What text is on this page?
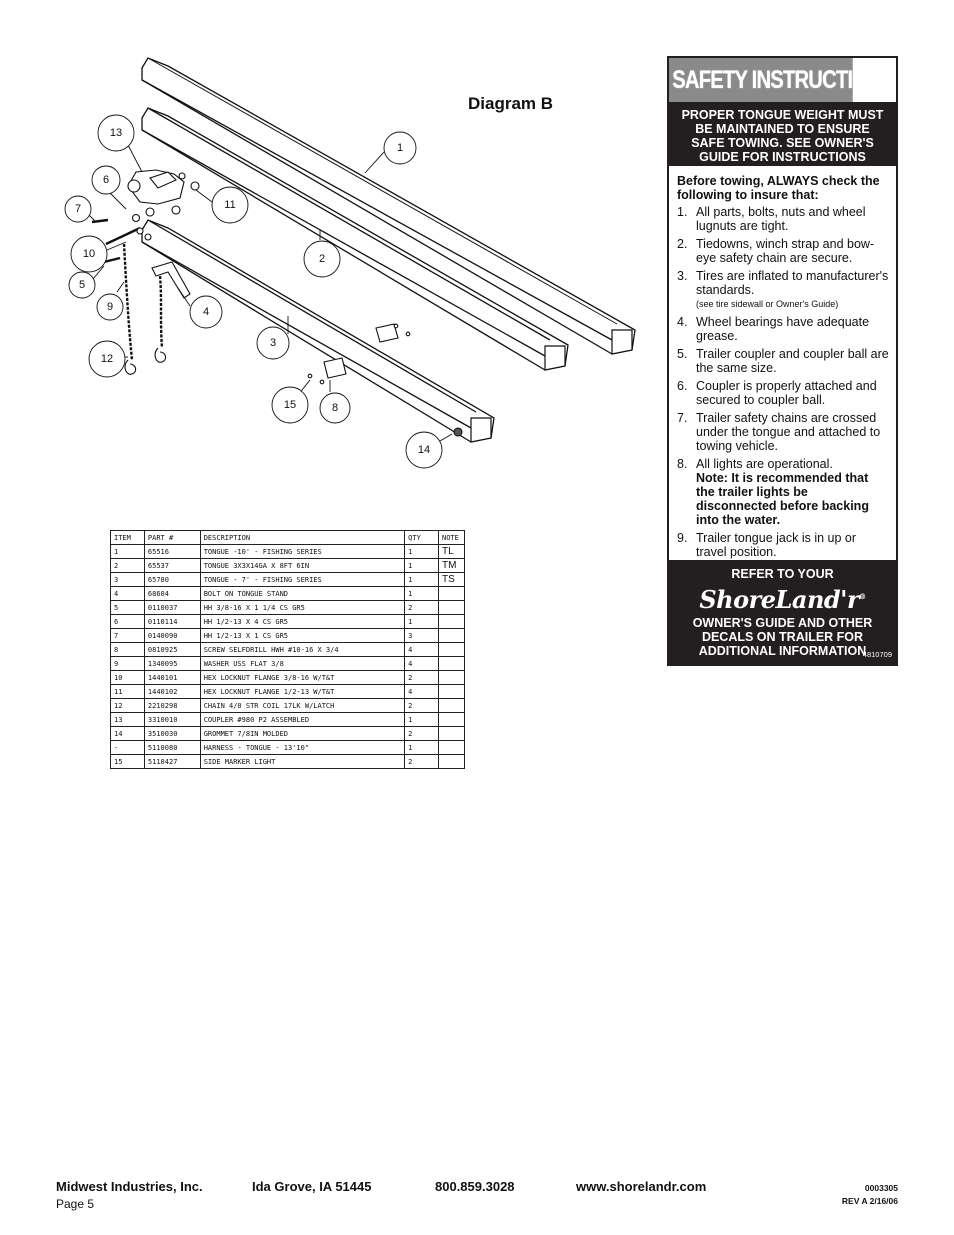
13
1
6
11
7
2
10
5
4
9
3
12
15	8
14
Diagram B
ITEM	PART #	DESCRIPTION	QTY	NOTE
1	65516	TONGUE -10' - FISHING SERIES	1	TL
2	65537	TONGUE 3X3X14GA X 8FT 6IN	1	TM
3	65780	TONGUE - 7' - FISHING SERIES	1	TS
4	68604	BOLT ON TONGUE STAND	1	
5	0110037	HH 3/8-16 X 1 1/4 CS GR5	2	
6	0110114	HH 1/2-13 X 4 CS GR5	1	
7	0140090	HH 1/2-13 X 1 CS GR5	3	
8	0810925	SCREW SELFDRILL HWH #10-16 X 3/4	4	
9	1340095	WASHER USS FLAT 3/8	4	
10	1440101	HEX LOCKNUT FLANGE 3/8-16 W/T&T	2	
11	1440102	HEX LOCKNUT FLANGE 1/2-13 W/T&T	4	
12	2210298	CHAIN 4/0 STR COIL 17LK W/LATCH	2	
13	3310010	COUPLER #980 P2 ASSEMBLED	1	
14	3510030	GROMMET 7/8IN MOLDED	2	
-	5110080	HARNESS - TONGUE - 13'10"	1	
15	5110427	SIDE MARKER LIGHT	2	
SAFETY INSTRUCTIONS
PROPER TONGUE WEIGHT MUST
BE MAINTAINED TO ENSURE
SAFE TOWING. SEE OWNER'S
GUIDE FOR INSTRUCTIONS
Before towing, ALWAYS check the following to insure that:
1. All parts, bolts, nuts and wheel lugnuts are tight.
2. Tiedowns, winch strap and bow-eye safety chain are secure.
3. Tires are inflated to manufacturer's standards.
(see tire sidewall or Owner's Guide)
4. Wheel bearings have adequate grease.
5. Trailer coupler and coupler ball are the same size.
6. Coupler is properly attached and secured to coupler ball.
7. Trailer safety chains are crossed under the tongue and attached to towing vehicle.
8. All lights are operational.
Note: It is recommended that the trailer lights be disconnected before backing into the water.
9. Trailer tongue jack is in up or travel position.
REFER TO YOUR
ShoreLand'r®
OWNER'S GUIDE AND OTHER
DECALS ON TRAILER FOR
ADDITIONAL INFORMATION
4810709
Midwest Industries, Inc.	Ida Grove, IA 51445	800.859.3028	www.shorelandr.com
Page 5
0003305
REV A 2/16/06
